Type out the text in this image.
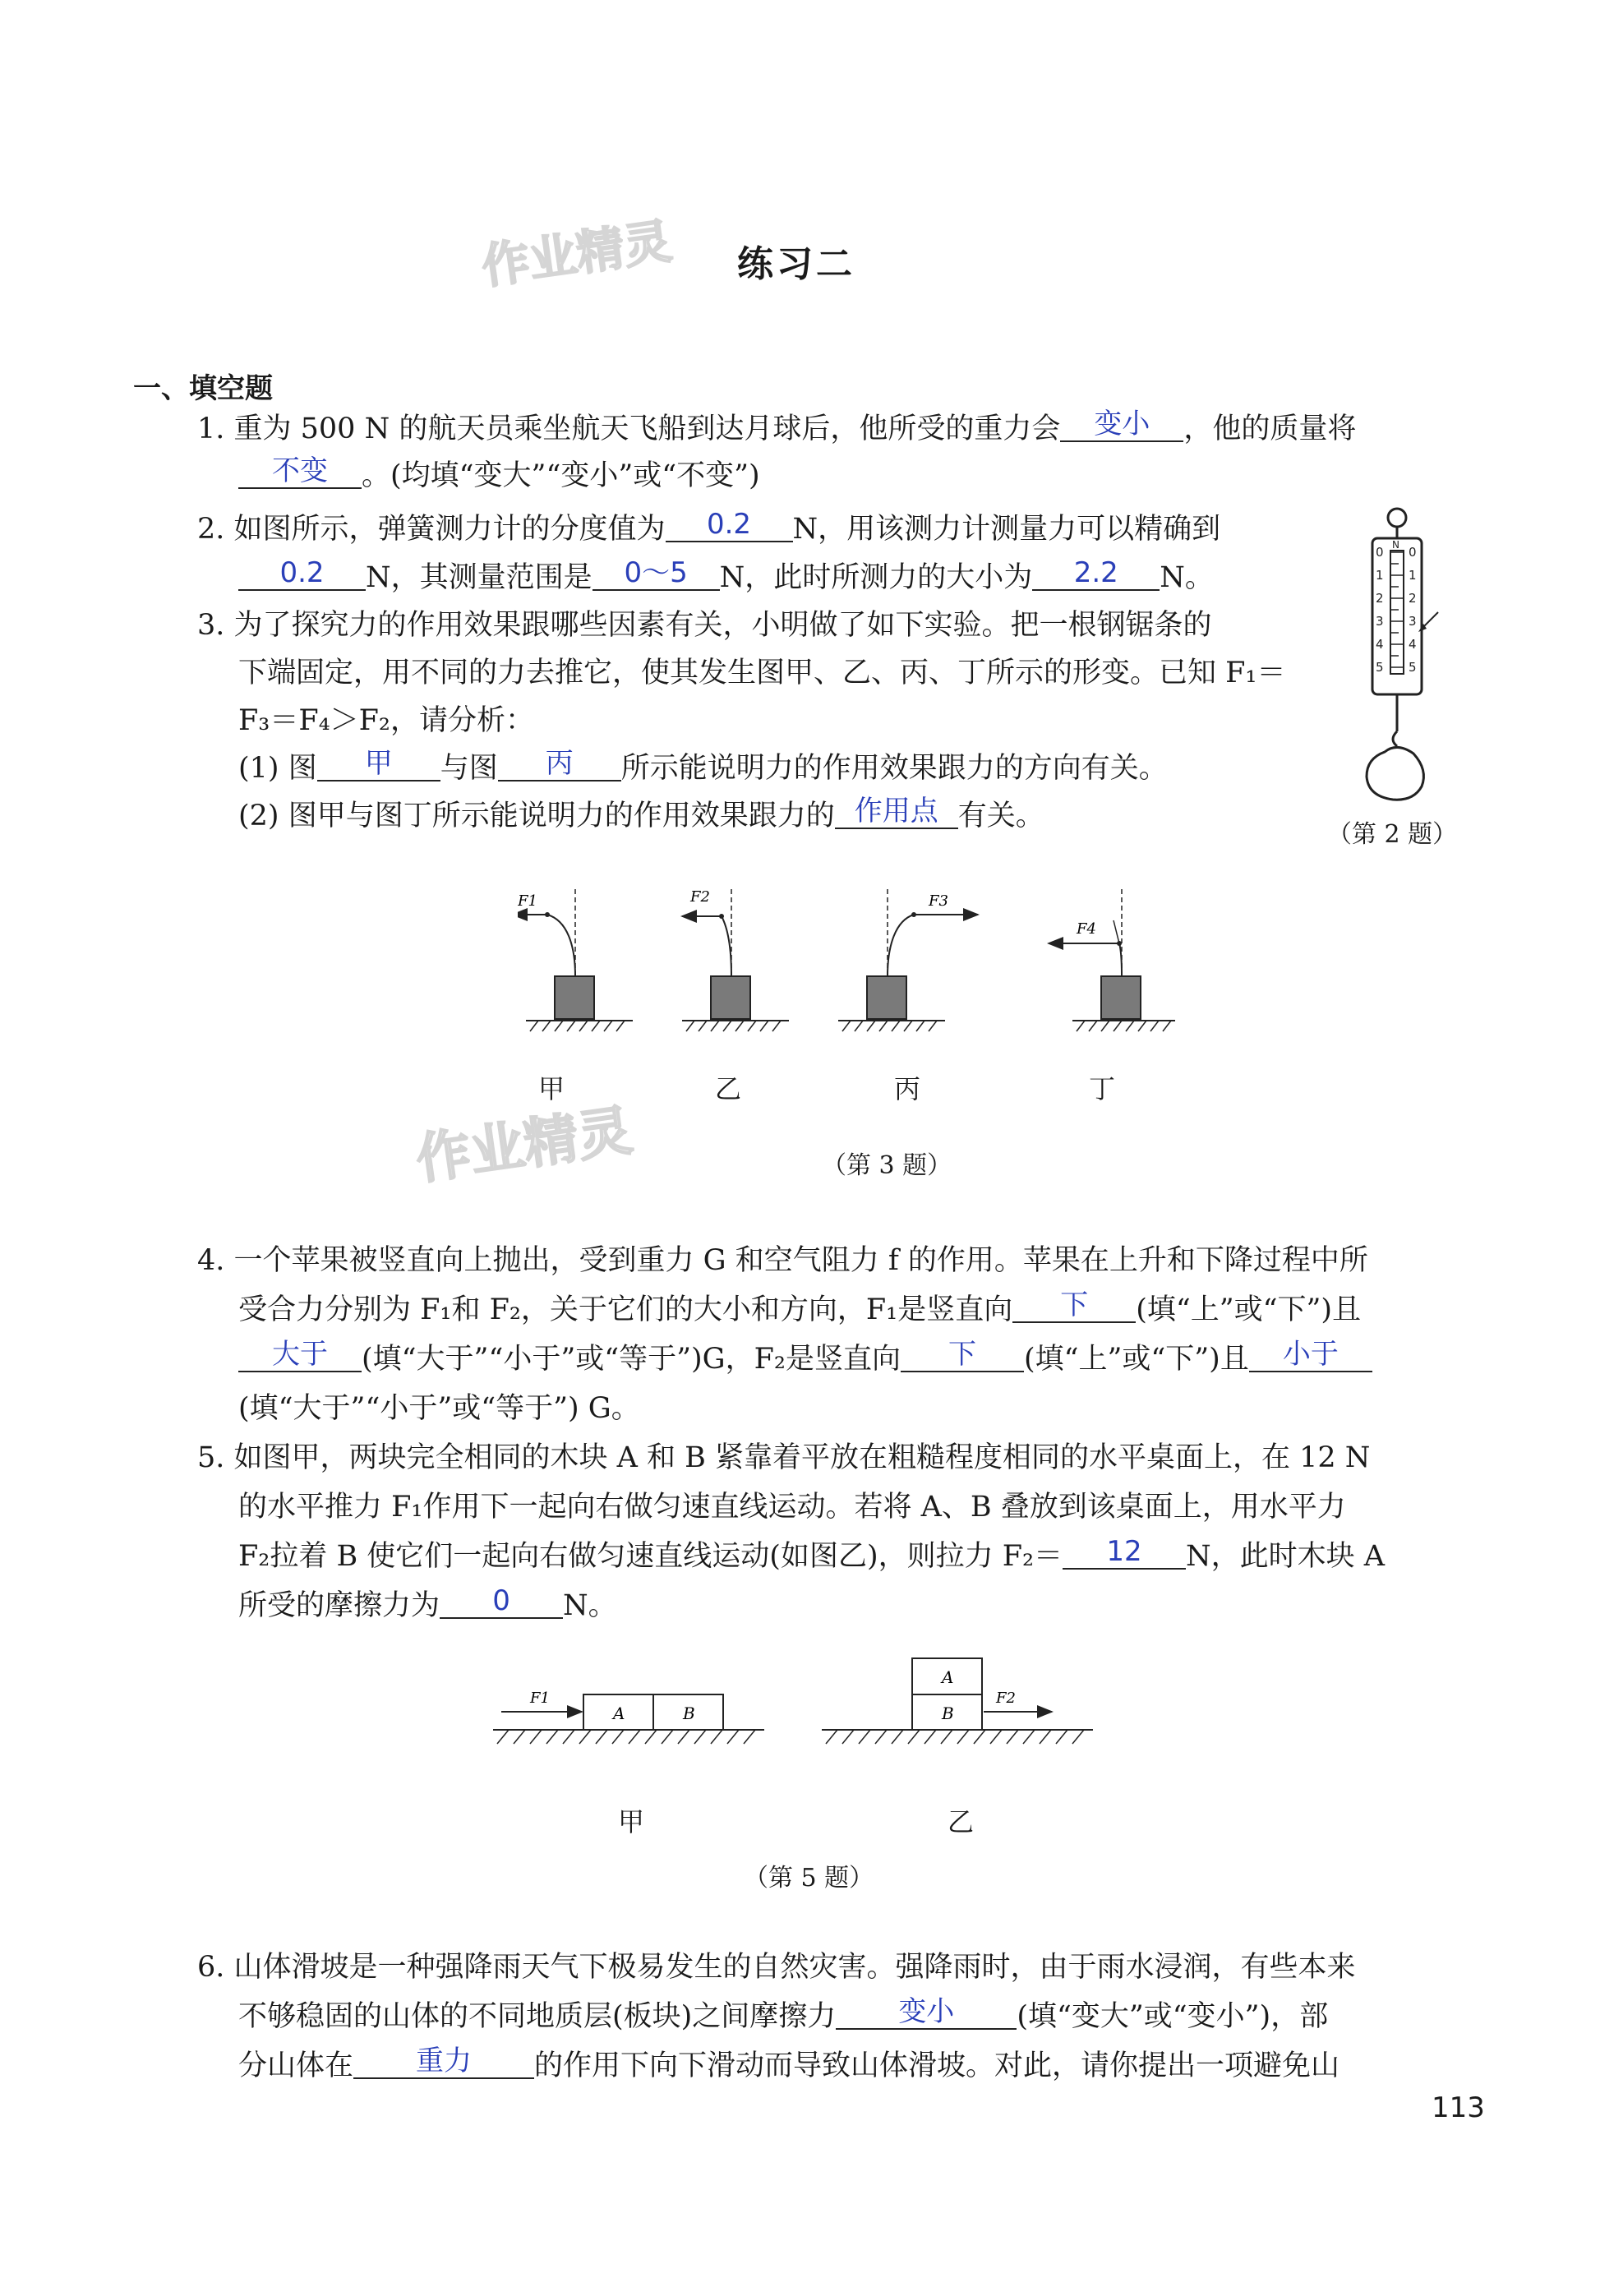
作业精灵
作业精灵
练习二
一、填空题
1. 重为 500 N 的航天员乘坐航天飞船到达月球后，他所受的重力会 变小 ，他的质量将
不变 。(均填“变大”“变小”或“不变”)
2. 如图所示，弹簧测力计的分度值为 0.2 N，用该测力计测量力可以精确到
0.2 N，其测量范围是 0～5 N，此时所测力的大小为 2.2 N。
0
1
2
3
4
5
0
1
2
3
4
5
N
（第 2 题）
3. 为了探究力的作用效果跟哪些因素有关，小明做了如下实验。把一根钢锯条的
下端固定，用不同的力去推它，使其发生图甲、乙、丙、丁所示的形变。已知 F₁＝
F₃＝F₄＞F₂，请分析：
(1) 图 甲 与图 丙 所示能说明力的作用效果跟力的方向有关。
(2) 图甲与图丁所示能说明力的作用效果跟力的 作用点 有关。
F1	F2	F3
F4
甲	乙	丙	丁
（第 3 题）
4. 一个苹果被竖直向上抛出，受到重力 G 和空气阻力 f 的作用。苹果在上升和下降过程中所
受合力分别为 F₁和 F₂，关于它们的大小和方向，F₁是竖直向 下 (填“上”或“下”)且
大于 (填“大于”“小于”或“等于”)G，F₂是竖直向 下 (填“上”或“下”)且 小于
(填“大于”“小于”或“等于”) G。
5. 如图甲，两块完全相同的木块 A 和 B 紧靠着平放在粗糙程度相同的水平桌面上，在 12 N
的水平推力 F₁作用下一起向右做匀速直线运动。若将 A、B 叠放到该桌面上，用水平力
F₂拉着 B 使它们一起向右做匀速直线运动(如图乙)，则拉力 F₂＝ 12 N，此时木块 A
所受的摩擦力为 0 N。
A	B
F1
A
B
F2
甲	乙
（第 5 题）
6. 山体滑坡是一种强降雨天气下极易发生的自然灾害。强降雨时，由于雨水浸润，有些本来
不够稳固的山体的不同地质层(板块)之间摩擦力 变小 (填“变大”或“变小”)，部
分山体在 重力 的作用下向下滑动而导致山体滑坡。对此，请你提出一项避免山
113
